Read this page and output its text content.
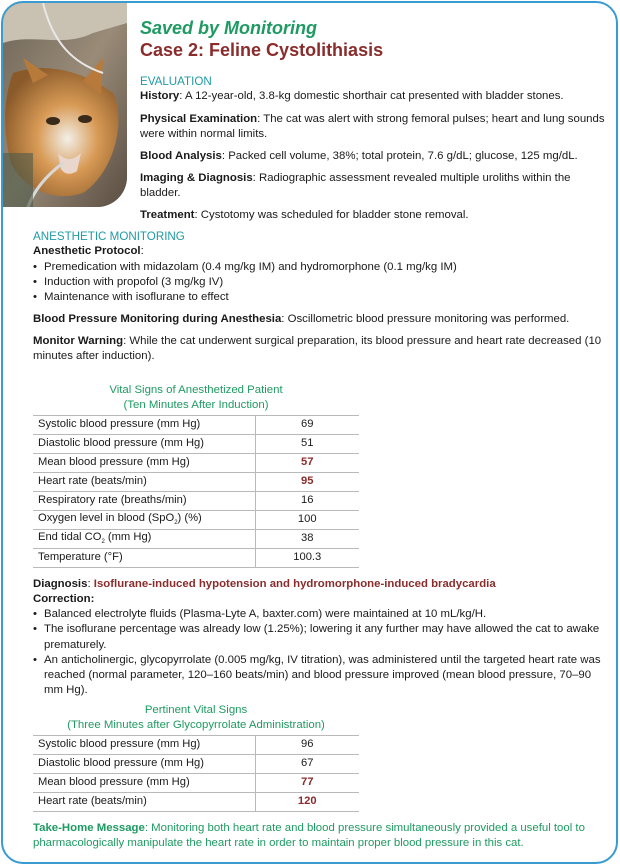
Saved by Monitoring
Case 2: Feline Cystolithiasis
EVALUATION
History: A 12-year-old, 3.8-kg domestic shorthair cat presented with bladder stones.
Physical Examination: The cat was alert with strong femoral pulses; heart and lung sounds were within normal limits.
Blood Analysis: Packed cell volume, 38%; total protein, 7.6 g/dL; glucose, 125 mg/dL.
Imaging & Diagnosis: Radiographic assessment revealed multiple uroliths within the bladder.
Treatment: Cystotomy was scheduled for bladder stone removal.
ANESTHETIC MONITORING
Anesthetic Protocol:
• Premedication with midazolam (0.4 mg/kg IM) and hydromorphone (0.1 mg/kg IM)
• Induction with propofol (3 mg/kg IV)
• Maintenance with isoflurane to effect
Blood Pressure Monitoring during Anesthesia: Oscillometric blood pressure monitoring was performed.
Monitor Warning: While the cat underwent surgical preparation, its blood pressure and heart rate decreased (10 minutes after induction).
Vital Signs of Anesthetized Patient
(Ten Minutes After Induction)
Systolic blood pressure (mm Hg)	69
Diastolic blood pressure (mm Hg)	51
Mean blood pressure (mm Hg)	57
Heart rate (beats/min)	95
Respiratory rate (breaths/min)	16
Oxygen level in blood (SpO$_2$) (%)	100
End tidal $CO_2$ (mm Hg)	38
Temperature (°F)	100.3
Diagnosis: Isoflurane-induced hypotension and hydromorphone-induced bradycardia
Correction:
• Balanced electrolyte fluids (Plasma-Lyte A, baxter.com) were maintained at 10 mL/kg/H.
• The isoflurane percentage was already low (1.25%); lowering it any further may have allowed the cat to awake prematurely.
• An anticholinergic, glycopyrrolate (0.005 mg/kg, IV titration), was administered until the targeted heart rate was reached (normal parameter, 120–160 beats/min) and blood pressure improved (mean blood pressure, 70–90 mm Hg).
Pertinent Vital Signs
(Three Minutes after Glycopyrrolate Administration)
Systolic blood pressure (mm Hg)	96
Diastolic blood pressure (mm Hg)	67
Mean blood pressure (mm Hg)	77
Heart rate (beats/min)	120
Take-Home Message: Monitoring both heart rate and blood pressure simultaneously provided a useful tool to pharmacologically manipulate the heart rate in order to maintain proper blood pressure in this cat.
